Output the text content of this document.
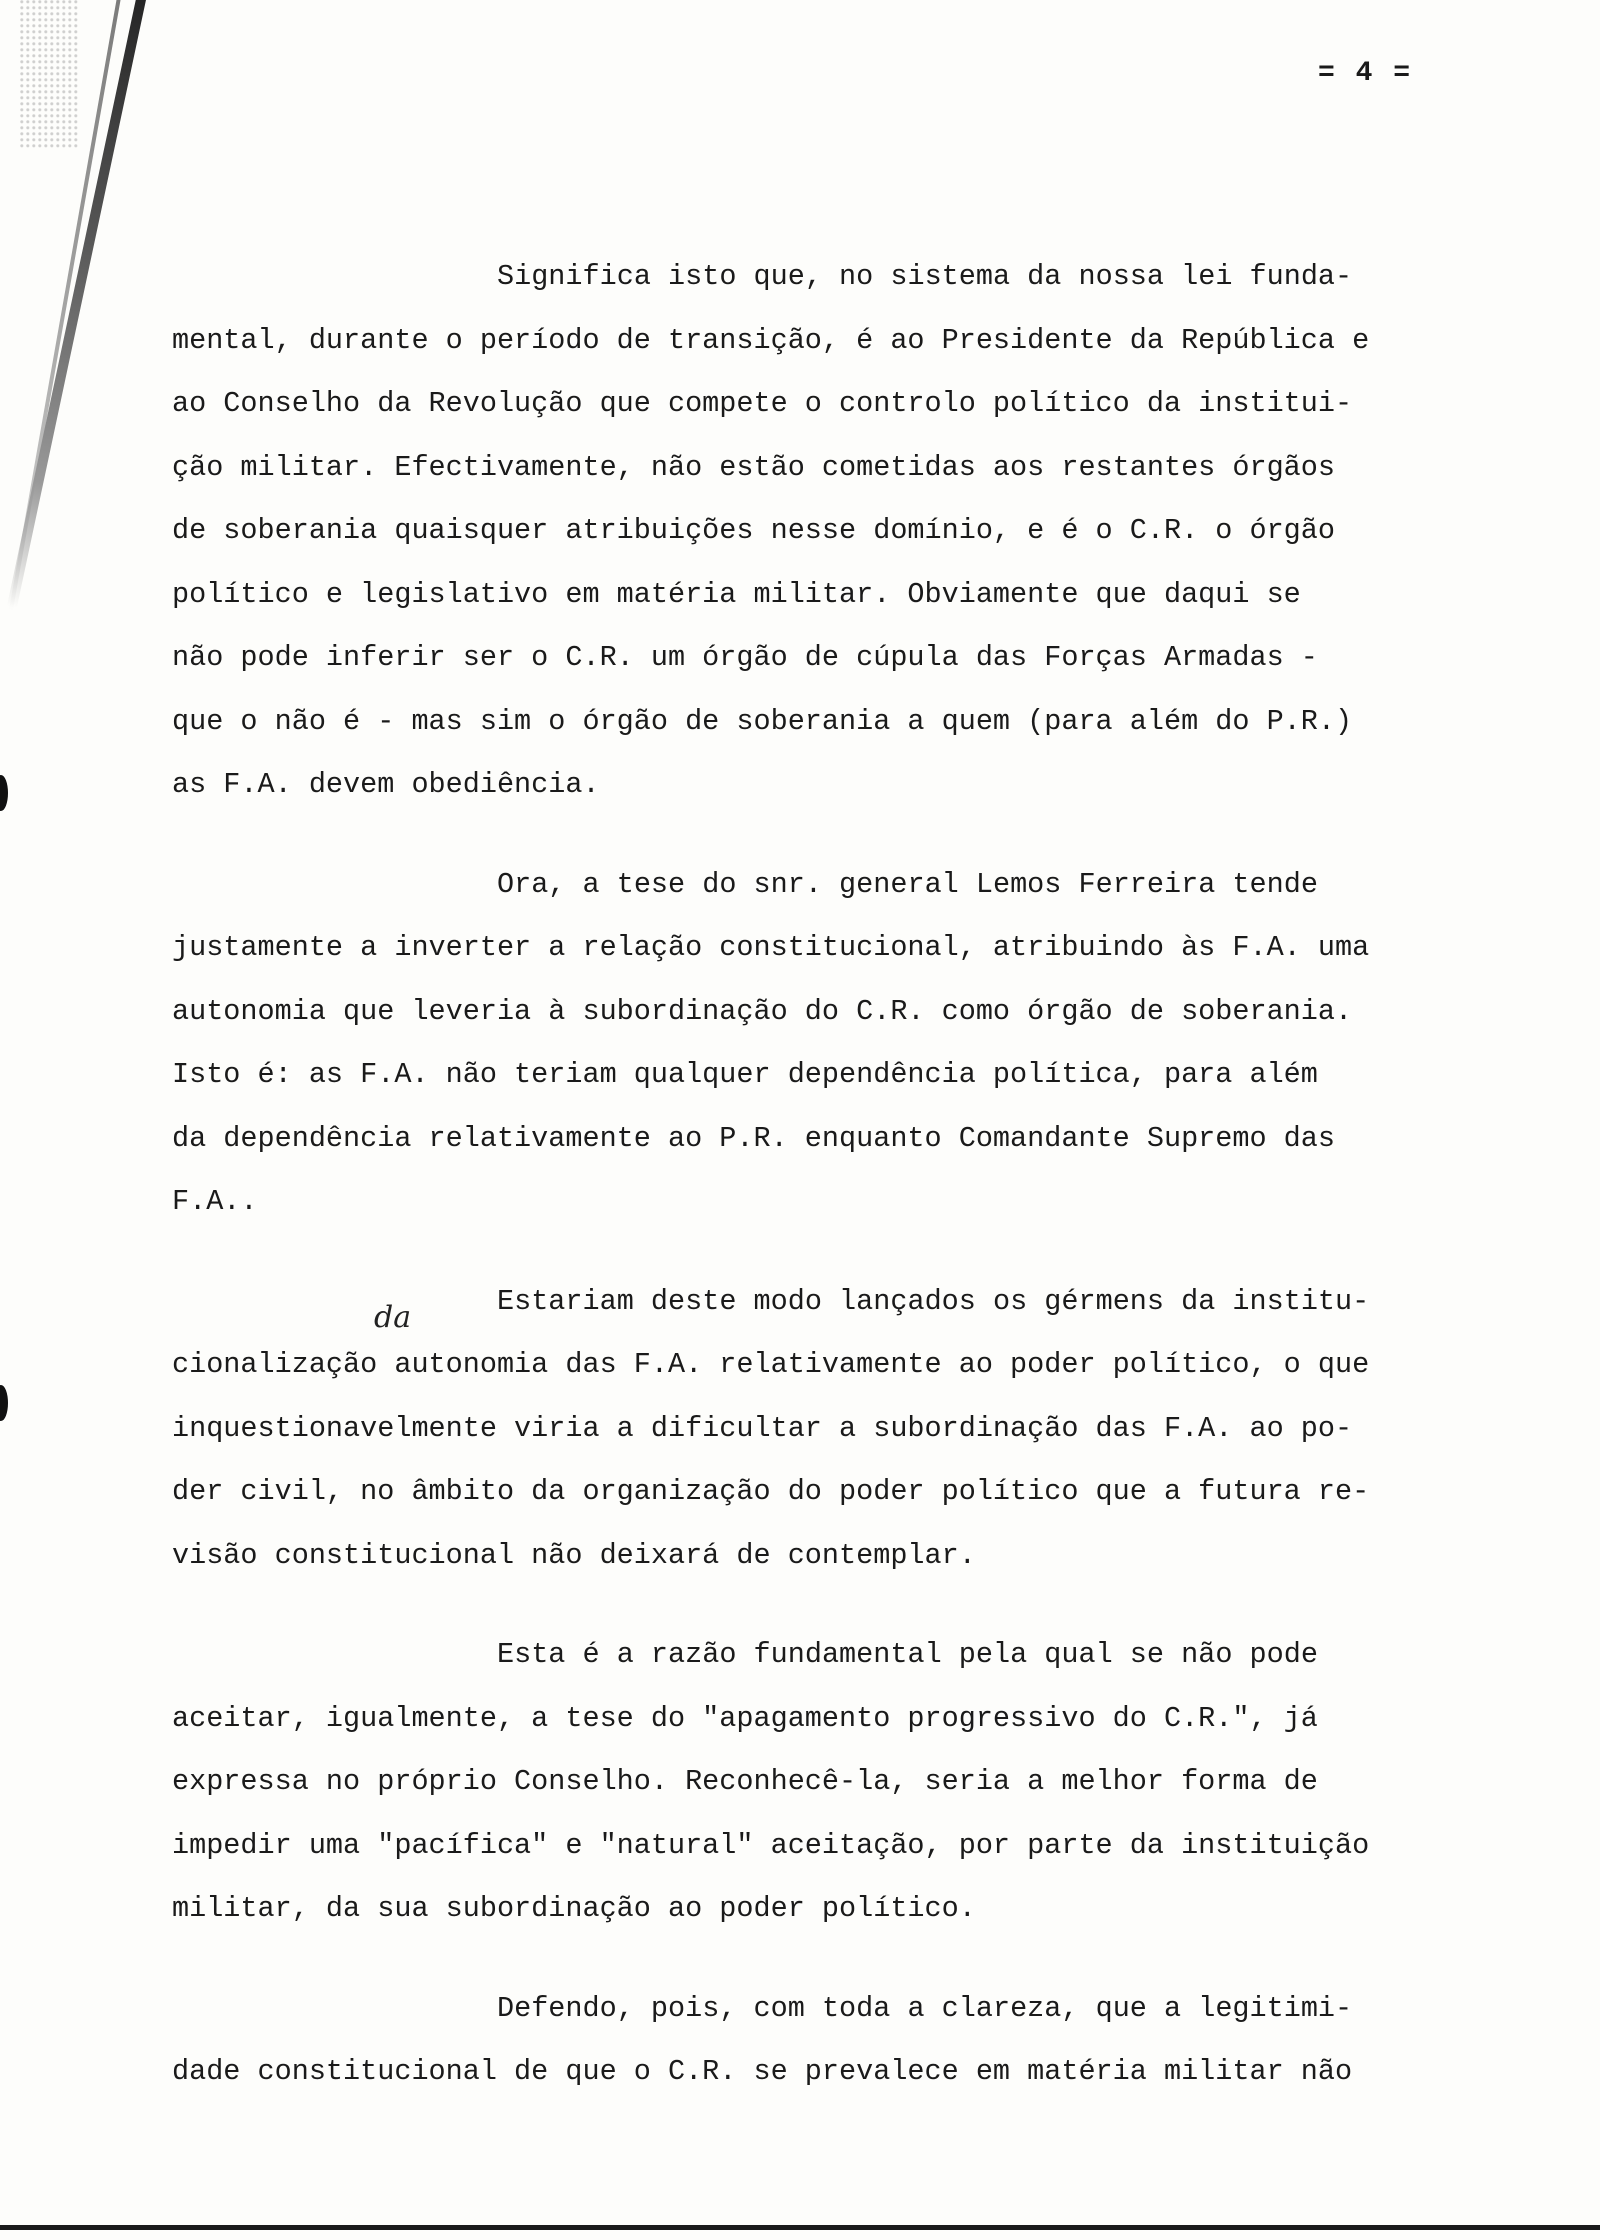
= 4 =
da

Significa isto que, no sistema da nossa lei funda-
mental, durante o período de transição, é ao Presidente da República e
ao Conselho da Revolução que compete o controlo político da institui-
ção militar. Efectivamente, não estão cometidas aos restantes órgãos
de soberania quaisquer atribuições nesse domínio, e é o C.R. o órgão
político e legislativo em matéria militar. Obviamente que daqui se
não pode inferir ser o C.R. um órgão de cúpula das Forças Armadas -
que o não é - mas sim o órgão de soberania a quem (para além do P.R.)
as F.A. devem obediência.

Ora, a tese do snr. general Lemos Ferreira tende
justamente a inverter a relação constitucional, atribuindo às F.A. uma
autonomia que leveria à subordinação do C.R. como órgão de soberania.
Isto é: as F.A. não teriam qualquer dependência política, para além
da dependência relativamente ao P.R. enquanto Comandante Supremo das
F.A..

Estariam deste modo lançados os gérmens da institu-
cionalização autonomia das F.A. relativamente ao poder político, o que
inquestionavelmente viria a dificultar a subordinação das F.A. ao po-
der civil, no âmbito da organização do poder político que a futura re-
visão constitucional não deixará de contemplar.

Esta é a razão fundamental pela qual se não pode
aceitar, igualmente, a tese do "apagamento progressivo do C.R.", já
expressa no próprio Conselho. Reconhecê-la, seria a melhor forma de
impedir uma "pacífica" e "natural" aceitação, por parte da instituição
militar, da sua subordinação ao poder político.

Defendo, pois, com toda a clareza, que a legitimi-
dade constitucional de que o C.R. se prevalece em matéria militar não
